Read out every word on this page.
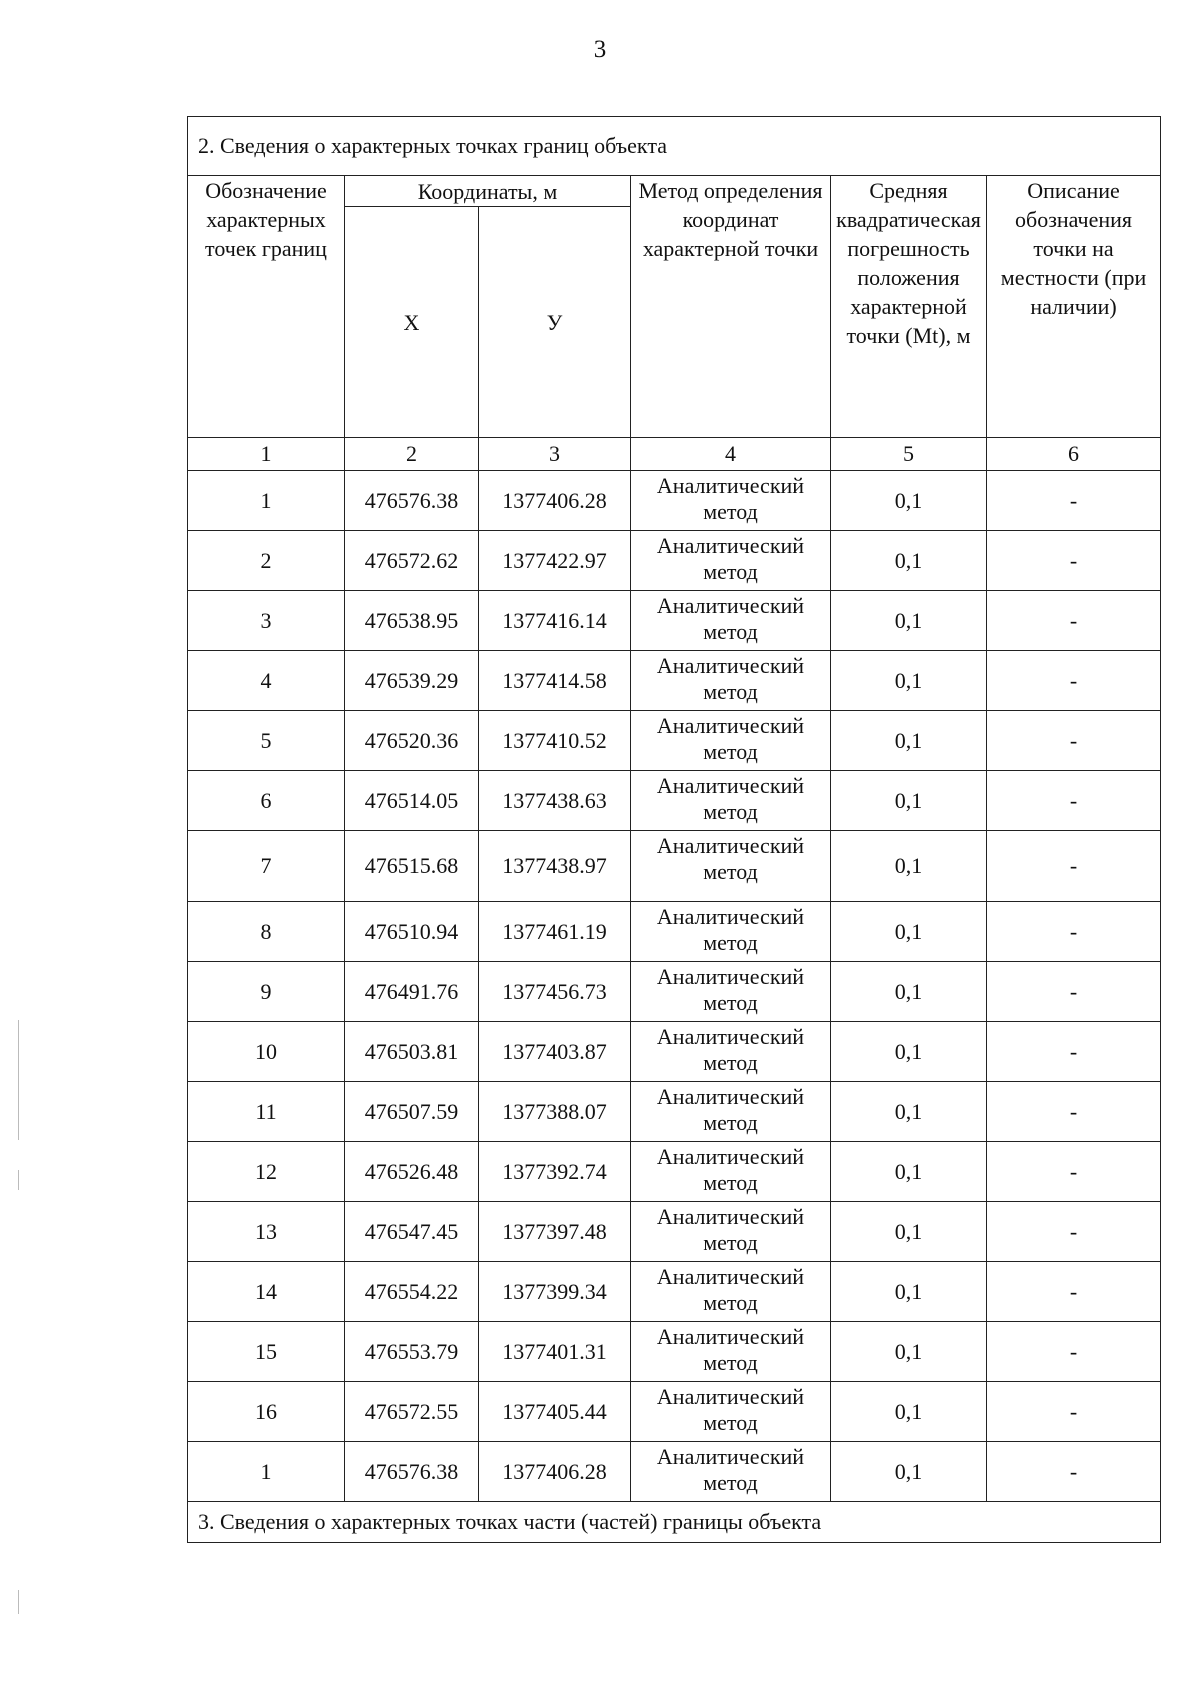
3
2. Сведения о характерных точках границ объекта					
Обозначение характерных точек границ	Координаты, м		Метод определения координат характерной точки	Средняя квадратическая погрешность положения характерной точки (Mt), м	Описание обозначения точки на местности (при наличии)
	X	У			
1	2	3	4	5	6
1	476576.38	1377406.28	Аналитический метод	0,1	-
2	476572.62	1377422.97	Аналитический метод	0,1	-
3	476538.95	1377416.14	Аналитический метод	0,1	-
4	476539.29	1377414.58	Аналитический метод	0,1	-
5	476520.36	1377410.52	Аналитический метод	0,1	-
6	476514.05	1377438.63	Аналитический метод	0,1	-
7	476515.68	1377438.97	Аналитический метод	0,1	-
8	476510.94	1377461.19	Аналитический метод	0,1	-
9	476491.76	1377456.73	Аналитический метод	0,1	-
10	476503.81	1377403.87	Аналитический метод	0,1	-
11	476507.59	1377388.07	Аналитический метод	0,1	-
12	476526.48	1377392.74	Аналитический метод	0,1	-
13	476547.45	1377397.48	Аналитический метод	0,1	-
14	476554.22	1377399.34	Аналитический метод	0,1	-
15	476553.79	1377401.31	Аналитический метод	0,1	-
16	476572.55	1377405.44	Аналитический метод	0,1	-
1	476576.38	1377406.28	Аналитический метод	0,1	-
3. Сведения о характерных точках части (частей) границы объекта					
